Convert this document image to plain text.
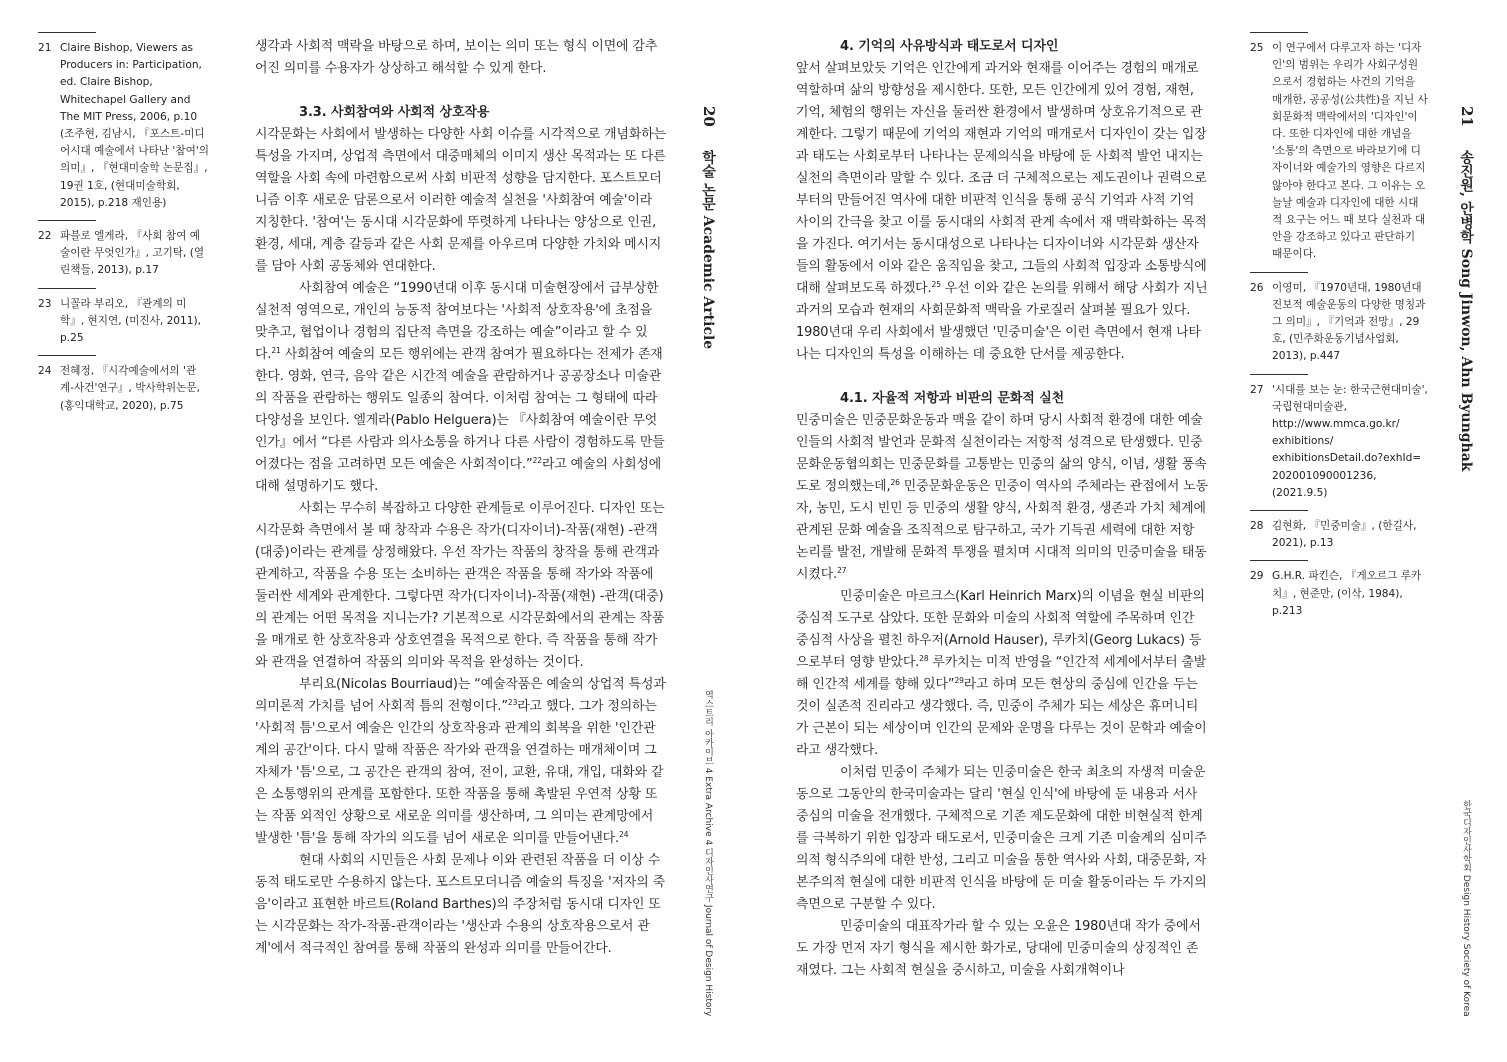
21 Claire Bishop, Viewers as Producers in: Participation, ed. Claire Bishop, Whitechapel Gallery and The MIT Press, 2006, p.10 (조주현, 김남시, 『포스트-미디어시대 예술에서 나타난 '참여'의 의미』, 『현대미술학 논문집』, 19권 1호, (현대미술학회, 2015), p.218 재인용)
22 파블로 엘게라, 『사회 참여 예술이란 무엇인가』, 고기탁, (열린책들, 2013), p.17
23 니꼴라 부리오, 『관계의 미학』, 현지연, (미진사, 2011), p.25
24 전혜정, 『시각예술에서의 '관계-사건'연구』, 박사학위논문, (홍익대학교, 2020), p.75

생각과 사회적 맥락을 바탕으로 하며, 보이는 의미 또는 형식 이면에 감추어진 의미를 수용자가 상상하고 해석할 수 있게 한다.

3.3. 사회참여와 사회적 상호작용

시각문화는 사회에서 발생하는 다양한 사회 이슈를 시각적으로 개념화하는 특성을 가지며, 상업적 측면에서 대중매체의 이미지 생산 목적과는 또 다른 역할을 사회 속에 마련함으로써 사회 비판적 성향을 담지한다. 포스트모더니즘 이후 새로운 담론으로서 이러한 예술적 실천을 '사회참여 예술'이라 지칭한다. '참여'는 동시대 시각문화에 뚜렷하게 나타나는 양상으로 인권, 환경, 세대, 계층 갈등과 같은 사회 문제를 아우르며 다양한 가치와 메시지를 담아 사회 공동체와 연대한다.

사회참여 예술은 “1990년대 이후 동시대 미술현장에서 급부상한 실천적 영역으로, 개인의 능동적 참여보다는 '사회적 상호작용'에 초점을 맞추고, 협업이나 경험의 집단적 측면을 강조하는 예술”이라고 할 수 있다.$^{21}$ 사회참여 예술의 모든 행위에는 관객 참여가 필요하다는 전제가 존재한다. 영화, 연극, 음악 같은 시간적 예술을 관람하거나 공공장소나 미술관의 작품을 관람하는 행위도 일종의 참여다. 이처럼 참여는 그 형태에 따라 다양성을 보인다. 엘게라(Pablo Helguera)는 『사회참여 예술이란 무엇인가』에서 “다른 사람과 의사소통을 하거나 다른 사람이 경험하도록 만들어졌다는 점을 고려하면 모든 예술은 사회적이다.”$^{22}$라고 예술의 사회성에 대해 설명하기도 했다.

사회는 무수히 복잡하고 다양한 관계들로 이루어진다. 디자인 또는 시각문화 측면에서 볼 때 창작과 수용은 작가(디자이너)-작품(재현) -관객(대중)이라는 관계를 상정해왔다. 우선 작가는 작품의 창작을 통해 관객과 관계하고, 작품을 수용 또는 소비하는 관객은 작품을 통해 작가와 작품에 둘러싼 세계와 관계한다. 그렇다면 작가(디자이너)-작품(재현) -관객(대중)의 관계는 어떤 목적을 지니는가? 기본적으로 시각문화에서의 관계는 작품을 매개로 한 상호작용과 상호연결을 목적으로 한다. 즉 작품을 통해 작가와 관객을 연결하여 작품의 의미와 목적을 완성하는 것이다.

부리요(Nicolas Bourriaud)는 “예술작품은 예술의 상업적 특성과 의미론적 가치를 넘어 사회적 틈의 전형이다.”$^{23}$라고 했다. 그가 정의하는 '사회적 틈'으로서 예술은 인간의 상호작용과 관계의 회복을 위한 '인간관계의 공간'이다. 다시 말해 작품은 작가와 관객을 연결하는 매개체이며 그 자체가 '틈'으로, 그 공간은 관객의 참여, 전이, 교환, 유대, 개입, 대화와 같은 소통행위의 관계를 포함한다. 또한 작품을 통해 촉발된 우연적 상황 또는 작품 외적인 상황으로 새로운 의미를 생산하며, 그 의미는 관계망에서 발생한 '틈'을 통해 작가의 의도를 넘어 새로운 의미를 만들어낸다.$^{24}$

현대 사회의 시민들은 사회 문제나 이와 관련된 작품을 더 이상 수동적 태도로만 수용하지 않는다. 포스트모더니즘 예술의 특징을 '저자의 죽음'이라고 표현한 바르트(Roland Barthes)의 주장처럼 동시대 디자인 또는 시각문화는 작가-작품-관객이라는 '생산과 수용의 상호작용으로서 관계'에서 적극적인 참여를 통해 작품의 완성과 의미를 만들어간다.

20
학술 논문 Academic Article
역스트리 아카이브 4 Extra Archive 4 디자인사연구 Journal of Design History
4. 기억의 사유방식과 태도로서 디자인

앞서 살펴보았듯 기억은 인간에게 과거와 현재를 이어주는 경험의 매개로 역할하며 삶의 방향성을 제시한다. 또한, 모든 인간에게 있어 경험, 재현, 기억, 체험의 행위는 자신을 둘러싼 환경에서 발생하며 상호유기적으로 관계한다. 그렇기 때문에 기억의 재현과 기억의 매개로서 디자인이 갖는 입장과 태도는 사회로부터 나타나는 문제의식을 바탕에 둔 사회적 발언 내지는 실천의 측면이라 말할 수 있다. 조금 더 구체적으로는 제도권이나 권력으로부터의 만들어진 역사에 대한 비판적 인식을 통해 공식 기억과 사적 기억 사이의 간극을 찾고 이를 동시대의 사회적 관계 속에서 재 맥락화하는 목적을 가진다. 여기서는 동시대성으로 나타나는 디자이너와 시각문화 생산자들의 활동에서 이와 같은 움직임을 찾고, 그들의 사회적 입장과 소통방식에 대해 살펴보도록 하겠다.$^{25}$ 우선 이와 같은 논의를 위해서 해당 사회가 지닌 과거의 모습과 현재의 사회문화적 맥락을 가로질러 살펴볼 필요가 있다. 1980년대 우리 사회에서 발생했던 '민중미술'은 이런 측면에서 현재 나타나는 디자인의 특성을 이해하는 데 중요한 단서를 제공한다.

4.1. 자율적 저항과 비판의 문화적 실천

민중미술은 민중문화운동과 맥을 같이 하며 당시 사회적 환경에 대한 예술인들의 사회적 발언과 문화적 실천이라는 저항적 성격으로 탄생했다. 민중문화운동협의회는 민중문화를 고통받는 민중의 삶의 양식, 이념, 생활 풍속도로 정의했는데,$^{26}$ 민중문화운동은 민중이 역사의 주체라는 관점에서 노동자, 농민, 도시 빈민 등 민중의 생활 양식, 사회적 환경, 생존과 가치 체계에 관계된 문화 예술을 조직적으로 탐구하고, 국가 기득권 세력에 대한 저항 논리를 발전, 개발해 문화적 투쟁을 펼치며 시대적 의미의 민중미술을 태동시켰다.$^{27}$

민중미술은 마르크스(Karl Heinrich Marx)의 이념을 현실 비판의 중심적 도구로 삼았다. 또한 문화와 미술의 사회적 역할에 주목하며 인간 중심적 사상을 펼친 하우저(Arnold Hauser), 루카치(Georg Lukacs) 등으로부터 영향 받았다.$^{28}$ 루카치는 미적 반영을 “인간적 세계에서부터 출발해 인간적 세계를 향해 있다”$^{29}$라고 하며 모든 현상의 중심에 인간을 두는 것이 실존적 진리라고 생각했다. 즉, 민중이 주체가 되는 세상은 휴머니티가 근본이 되는 세상이며 인간의 문제와 운명을 다루는 것이 문학과 예술이라고 생각했다.

이처럼 민중이 주체가 되는 민중미술은 한국 최초의 자생적 미술운동으로 그동안의 한국미술과는 달리 '현실 인식'에 바탕에 둔 내용과 서사 중심의 미술을 전개했다. 구체적으로 기존 제도문화에 대한 비현실적 한계를 극복하기 위한 입장과 태도로서, 민중미술은 크게 기존 미술계의 심미주의적 형식주의에 대한 반성, 그리고 미술을 통한 역사와 사회, 대중문화, 자본주의적 현실에 대한 비판적 인식을 바탕에 둔 미술 활동이라는 두 가지의 측면으로 구분할 수 있다.

민중미술의 대표작가라 할 수 있는 오윤은 1980년대 작가 중에서도 가장 먼저 자기 형식을 제시한 화가로, 당대에 민중미술의 상징적인 존재였다. 그는 사회적 현실을 중시하고, 미술을 사회개혁이나

25 이 연구에서 다루고자 하는 '디자인'의 범위는 우리가 사회구성원으로서 경험하는 사건의 기억을 매개한, 공공성(公共性)을 지닌 사회문화적 맥락에서의 '디자인'이다. 또한 디자인에 대한 개념을 '소통'의 측면으로 바라보기에 디자이너와 예술가의 영향은 다르지 않아야 한다고 본다. 그 이유는 오늘날 예술과 디자인에 대한 시대적 요구는 어느 때 보다 실천과 대안을 강조하고 있다고 판단하기 때문이다.
26 이영미, 『1970년대, 1980년대 진보적 예술운동의 다양한 명칭과 그 의미』, 『기억과 전망』, 29호, (민주화운동기념사업회, 2013), p.447
27 '시대를 보는 눈: 한국근현대미술', 국립현대미술관, http://www.mmca.go.kr/ exhibitions/ exhibitionsDetail.do?exhId= 202001090001236, (2021.9.5)
28 김현화, 『민중미술』, (한길사, 2021), p.13
29 G.H.R. 파킨슨, 『게오르그 루카치』, 현준만, (이삭, 1984), p.213
21
송진원, 안병학 Song Jinwon, Ahn Byunghak
한국디자인사학회 Design History Society of Korea
